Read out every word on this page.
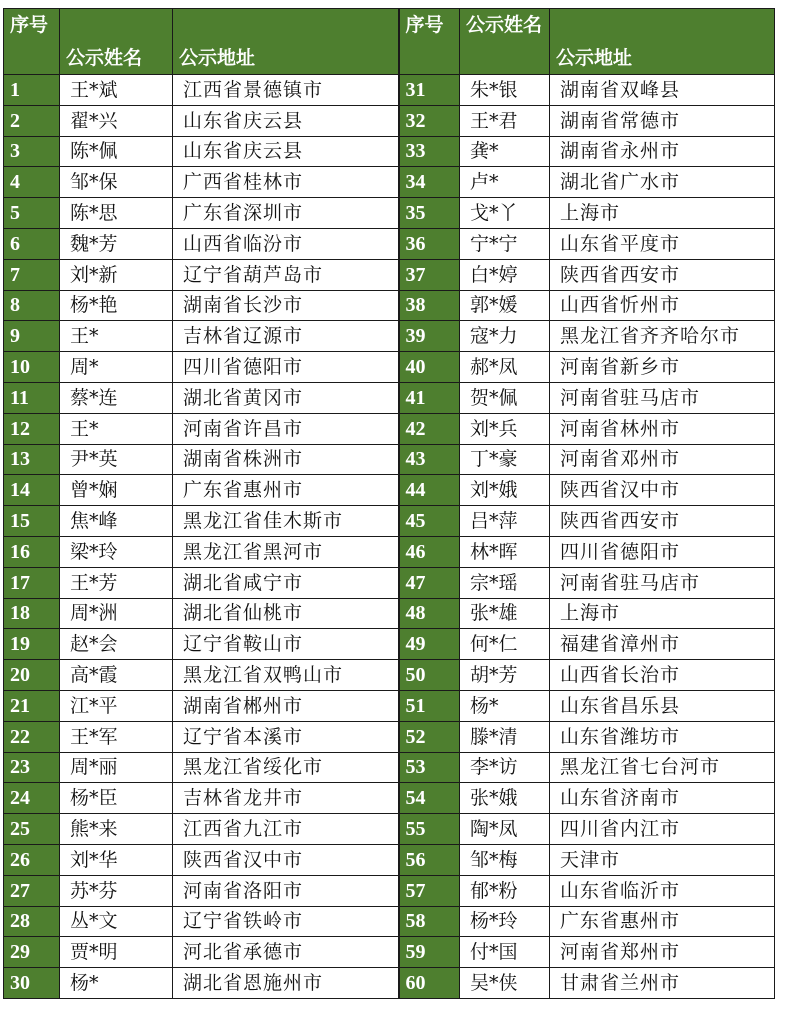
序号	公示姓名	公示地址	序号	公示姓名	公示地址
1	王*斌	江西省景德镇市	31	朱*银	湖南省双峰县
2	翟*兴	山东省庆云县	32	王*君	湖南省常德市
3	陈*佩	山东省庆云县	33	龚*	湖南省永州市
4	邹*保	广西省桂林市	34	卢*	湖北省广水市
5	陈*思	广东省深圳市	35	戈*丫	上海市
6	魏*芳	山西省临汾市	36	宁*宁	山东省平度市
7	刘*新	辽宁省葫芦岛市	37	白*婷	陕西省西安市
8	杨*艳	湖南省长沙市	38	郭*媛	山西省忻州市
9	王*	吉林省辽源市	39	寇*力	黑龙江省齐齐哈尔市
10	周*	四川省德阳市	40	郝*凤	河南省新乡市
11	蔡*连	湖北省黄冈市	41	贺*佩	河南省驻马店市
12	王*	河南省许昌市	42	刘*兵	河南省林州市
13	尹*英	湖南省株洲市	43	丁*豪	河南省邓州市
14	曾*娴	广东省惠州市	44	刘*娥	陕西省汉中市
15	焦*峰	黑龙江省佳木斯市	45	吕*萍	陕西省西安市
16	梁*玲	黑龙江省黑河市	46	林*晖	四川省德阳市
17	王*芳	湖北省咸宁市	47	宗*瑶	河南省驻马店市
18	周*洲	湖北省仙桃市	48	张*雄	上海市
19	赵*会	辽宁省鞍山市	49	何*仁	福建省漳州市
20	高*霞	黑龙江省双鸭山市	50	胡*芳	山西省长治市
21	江*平	湖南省郴州市	51	杨*	山东省昌乐县
22	王*军	辽宁省本溪市	52	滕*清	山东省潍坊市
23	周*丽	黑龙江省绥化市	53	李*访	黑龙江省七台河市
24	杨*臣	吉林省龙井市	54	张*娥	山东省济南市
25	熊*来	江西省九江市	55	陶*凤	四川省内江市
26	刘*华	陕西省汉中市	56	邹*梅	天津市
27	苏*芬	河南省洛阳市	57	郁*粉	山东省临沂市
28	丛*文	辽宁省铁岭市	58	杨*玲	广东省惠州市
29	贾*明	河北省承德市	59	付*国	河南省郑州市
30	杨*	湖北省恩施州市	60	吴*侠	甘肃省兰州市
